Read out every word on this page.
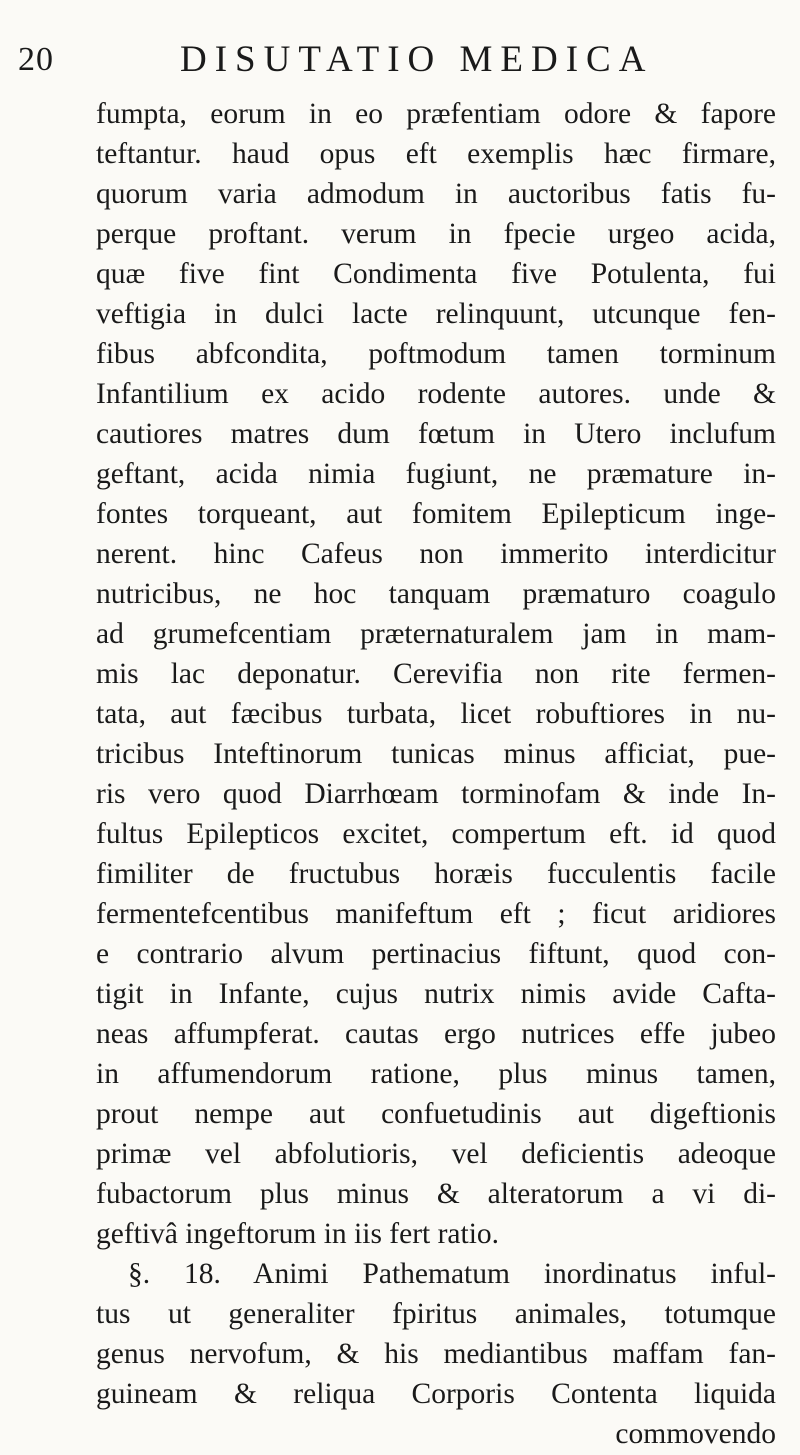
20	DISUTATIO MEDICA
fumpta, eorum in eo præfentiam odore & fapore
teftantur. haud opus eft exemplis hæc firmare,
quorum varia admodum in auctoribus fatis fu-
perque proftant. verum in fpecie urgeo acida,
quæ five fint Condimenta five Potulenta, fui
veftigia in dulci lacte relinquunt, utcunque fen-
fibus abfcondita, poftmodum tamen torminum
Infantilium ex acido rodente autores. unde &
cautiores matres dum fœtum in Utero inclufum
geftant, acida nimia fugiunt, ne præmature in-
fontes torqueant, aut fomitem Epilepticum inge-
nerent. hinc Cafeus non immerito interdicitur
nutricibus, ne hoc tanquam præmaturo coagulo
ad grumefcentiam præternaturalem jam in mam-
mis lac deponatur. Cerevifia non rite fermen-
tata, aut fæcibus turbata, licet robuftiores in nu-
tricibus Inteftinorum tunicas minus afficiat, pue-
ris vero quod Diarrhœam torminofam & inde In-
fultus Epilepticos excitet, compertum eft. id quod
fimiliter de fructubus horæis fucculentis facile
fermentefcentibus manifeftum eft ; ficut aridiores
e contrario alvum pertinacius fiftunt, quod con-
tigit in Infante, cujus nutrix nimis avide Cafta-
neas affumpferat. cautas ergo nutrices effe jubeo
in affumendorum ratione, plus minus tamen,
prout nempe aut confuetudinis aut digeftionis
primæ vel abfolutioris, vel deficientis adeoque
fubactorum plus minus & alteratorum a vi di-
geftivâ ingeftorum in iis fert ratio.
§. 18. Animi Pathematum inordinatus inful-
tus ut generaliter fpiritus animales, totumque
genus nervofum, & his mediantibus maffam fan-
guineam & reliqua Corporis Contenta liquida
commovendo
